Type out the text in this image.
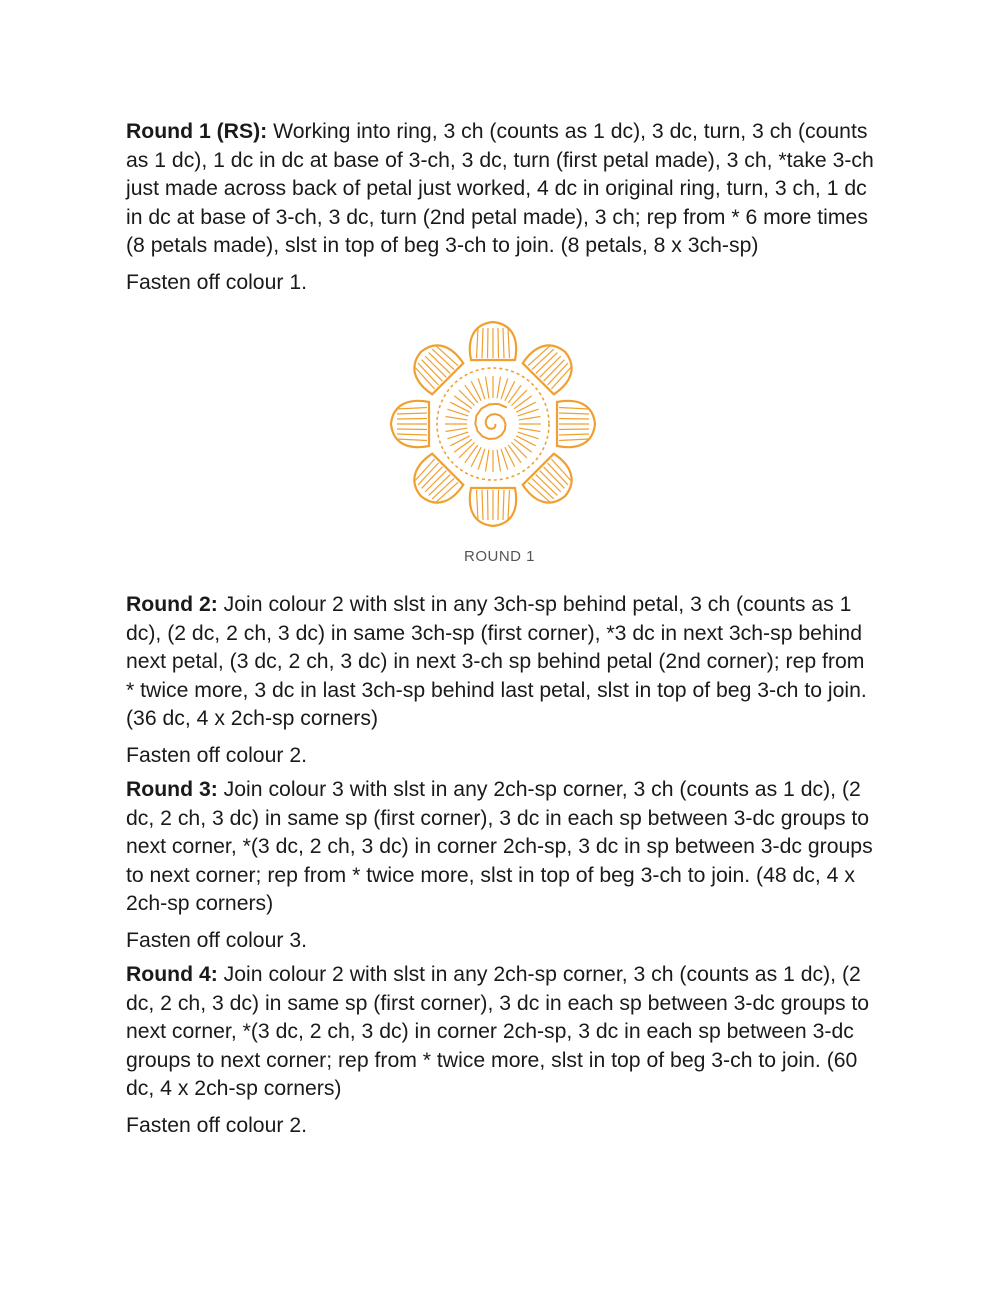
Round 1 (RS): Working into ring, 3 ch (counts as 1 dc), 3 dc, turn, 3 ch (counts as 1 dc), 1 dc in dc at base of 3-ch, 3 dc, turn (first petal made), 3 ch, *take 3-ch just made across back of petal just worked, 4 dc in original ring, turn, 3 ch, 1 dc in dc at base of 3-ch, 3 dc, turn (2nd petal made), 3 ch; rep from * 6 more times (8 petals made), slst in top of beg 3-ch to join. (8 petals, 8 x 3ch-sp)

Fasten off colour 1.

ROUND 1

Round 2: Join colour 2 with slst in any 3ch-sp behind petal, 3 ch (counts as 1 dc), (2 dc, 2 ch, 3 dc) in same 3ch-sp (first corner), *3 dc in next 3ch-sp behind next petal, (3 dc, 2 ch, 3 dc) in next 3-ch sp behind petal (2nd corner); rep from * twice more, 3 dc in last 3ch-sp behind last petal, slst in top of beg 3-ch to join. (36 dc, 4 x 2ch-sp corners)

Fasten off colour 2.

Round 3: Join colour 3 with slst in any 2ch-sp corner, 3 ch (counts as 1 dc), (2 dc, 2 ch, 3 dc) in same sp (first corner), 3 dc in each sp between 3-dc groups to next corner, *(3 dc, 2 ch, 3 dc) in corner 2ch-sp, 3 dc in sp between 3-dc groups to next corner; rep from * twice more, slst in top of beg 3-ch to join. (48 dc, 4 x 2ch-sp corners)

Fasten off colour 3.

Round 4: Join colour 2 with slst in any 2ch-sp corner, 3 ch (counts as 1 dc), (2 dc, 2 ch, 3 dc) in same sp (first corner), 3 dc in each sp between 3-dc groups to next corner, *(3 dc, 2 ch, 3 dc) in corner 2ch-sp, 3 dc in each sp between 3-dc groups to next corner; rep from * twice more, slst in top of beg 3-ch to join. (60 dc, 4 x 2ch-sp corners)

Fasten off colour 2.
